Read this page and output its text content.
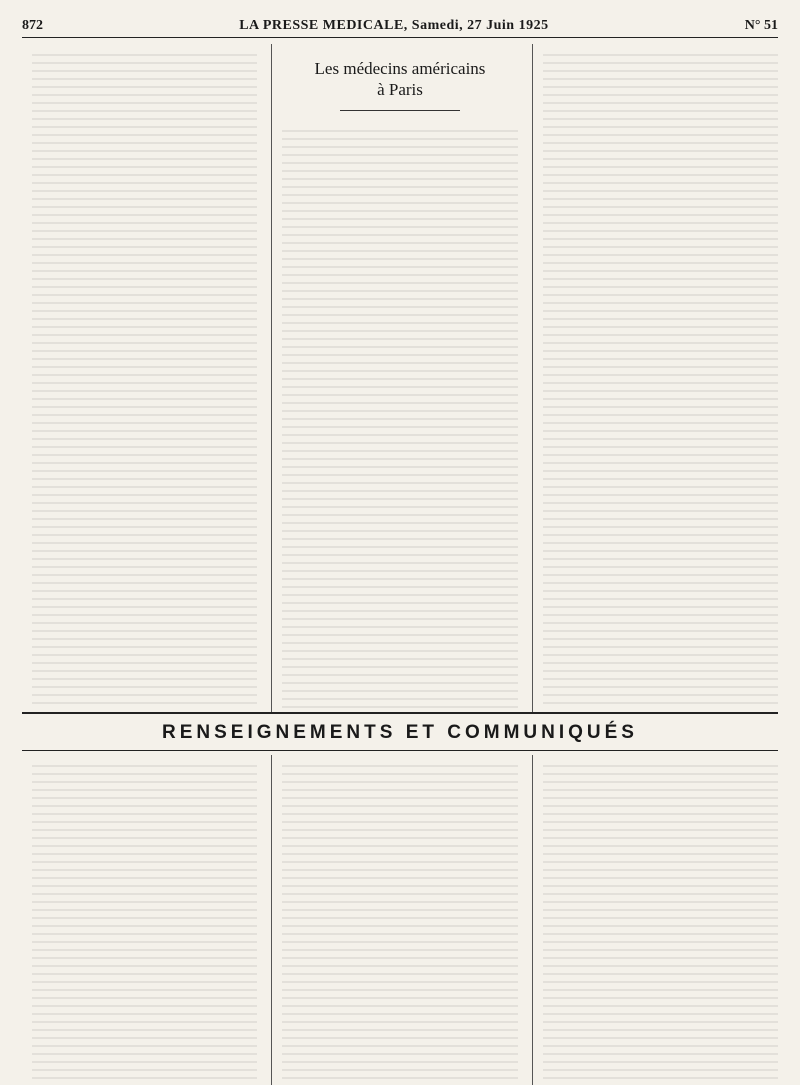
872	LA PRESSE MEDICALE, Samedi, 27 Juin 1925	N° 51
Les médecins américains
à Paris
RENSEIGNEMENTS ET COMMUNIQUÉS
